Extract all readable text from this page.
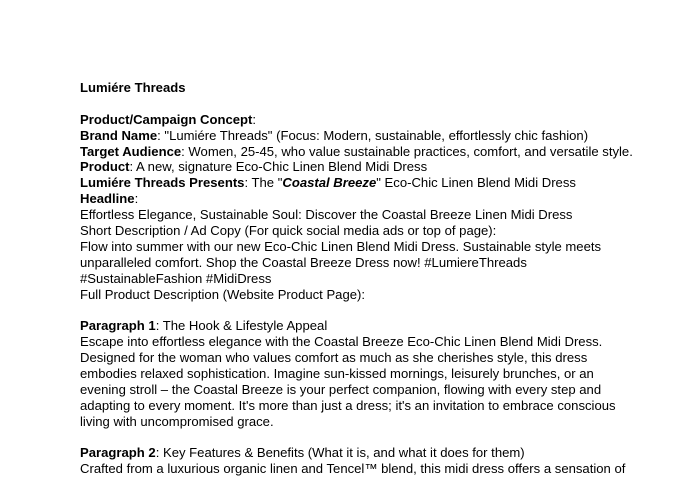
Lumiére Threads
Product/Campaign Concept:
Brand Name: "Lumiére Threads" (Focus: Modern, sustainable, effortlessly chic fashion)
Target Audience: Women, 25-45, who value sustainable practices, comfort, and versatile style.
Product: A new, signature Eco-Chic Linen Blend Midi Dress
Lumiére Threads Presents: The "Coastal Breeze" Eco-Chic Linen Blend Midi Dress
Headline:
Effortless Elegance, Sustainable Soul: Discover the Coastal Breeze Linen Midi Dress
Short Description / Ad Copy (For quick social media ads or top of page):
Flow into summer with our new Eco-Chic Linen Blend Midi Dress. Sustainable style meets
unparalleled comfort. Shop the Coastal Breeze Dress now! #LumiereThreads
#SustainableFashion #MidiDress
Full Product Description (Website Product Page):
Paragraph 1: The Hook & Lifestyle Appeal
Escape into effortless elegance with the Coastal Breeze Eco-Chic Linen Blend Midi Dress.
Designed for the woman who values comfort as much as she cherishes style, this dress
embodies relaxed sophistication. Imagine sun-kissed mornings, leisurely brunches, or an
evening stroll – the Coastal Breeze is your perfect companion, flowing with every step and
adapting to every moment. It's more than just a dress; it's an invitation to embrace conscious
living with uncompromised grace.
Paragraph 2: Key Features & Benefits (What it is, and what it does for them)
Crafted from a luxurious organic linen and Tencel™ blend, this midi dress offers a sensation of
